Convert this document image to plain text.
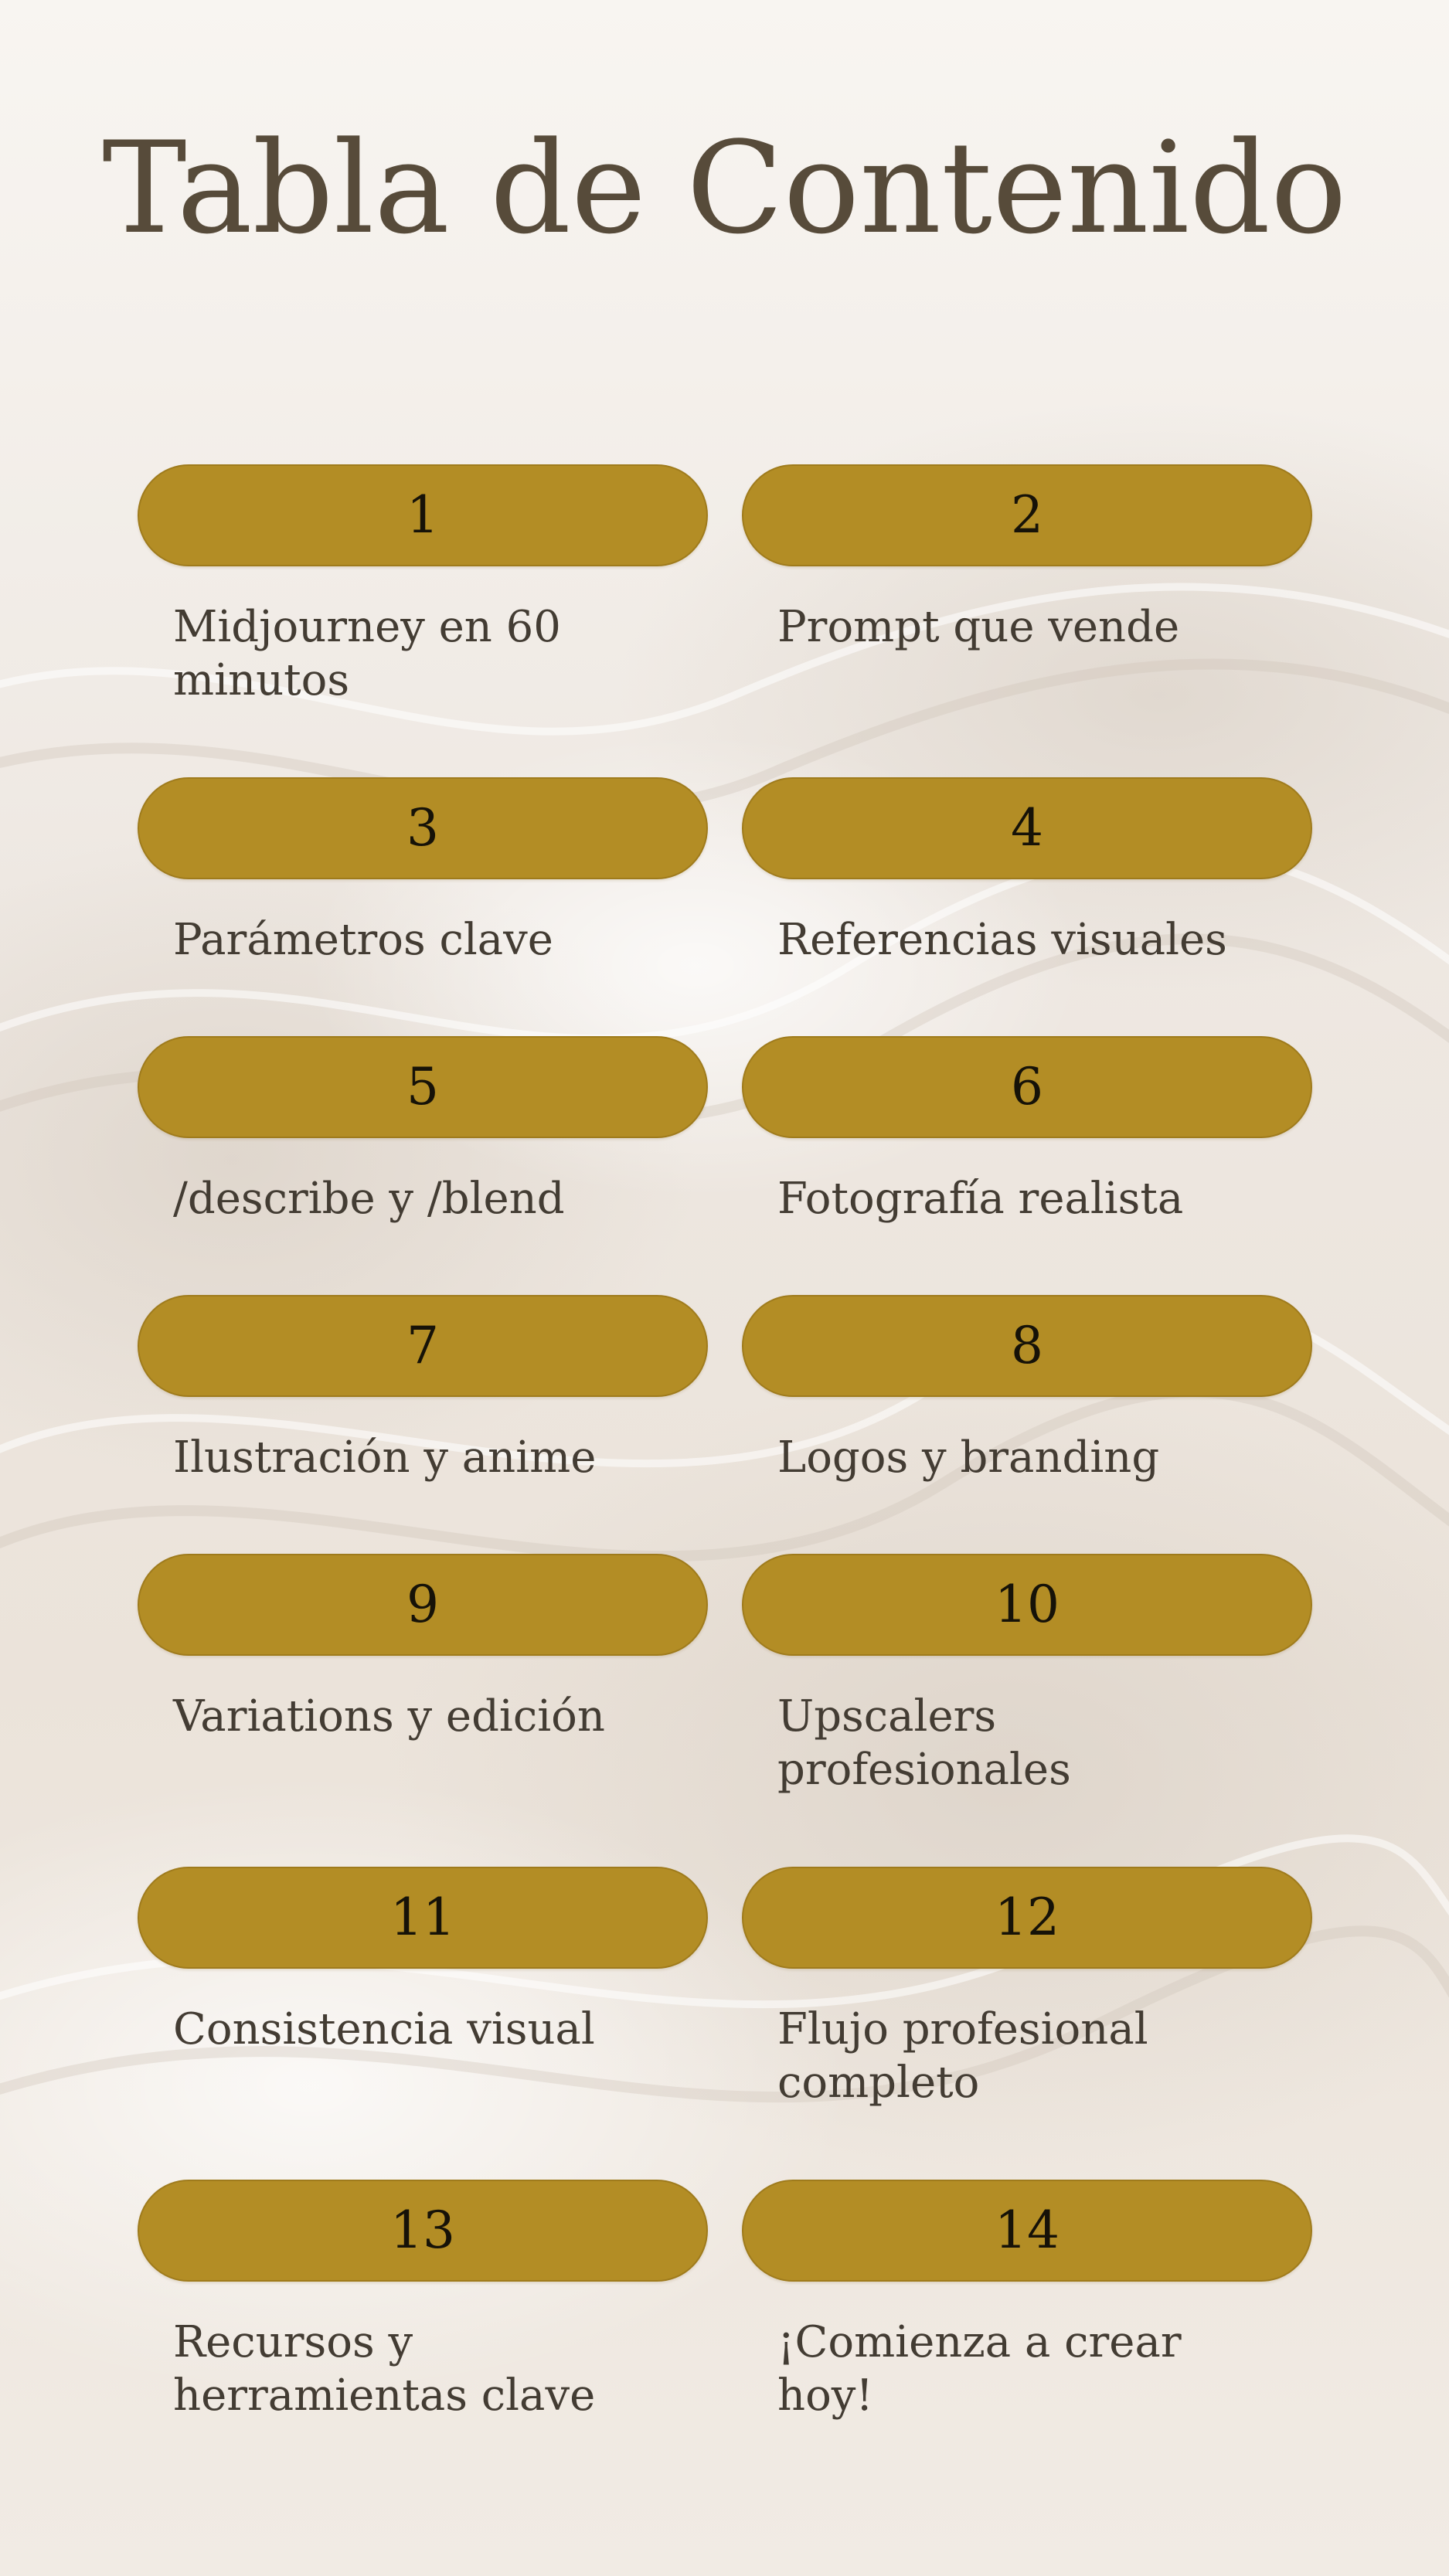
Tabla de Contenido
1
Midjourney en 60 minutos
2
Prompt que vende
3
Parámetros clave
4
Referencias visuales
5
/describe y /blend
6
Fotografía realista
7
Ilustración y anime
8
Logos y branding
9
Variations y edición
10
Upscalers profesionales
11
Consistencia visual
12
Flujo profesional completo
13
Recursos y herramientas clave
14
¡Comienza a crear hoy!
